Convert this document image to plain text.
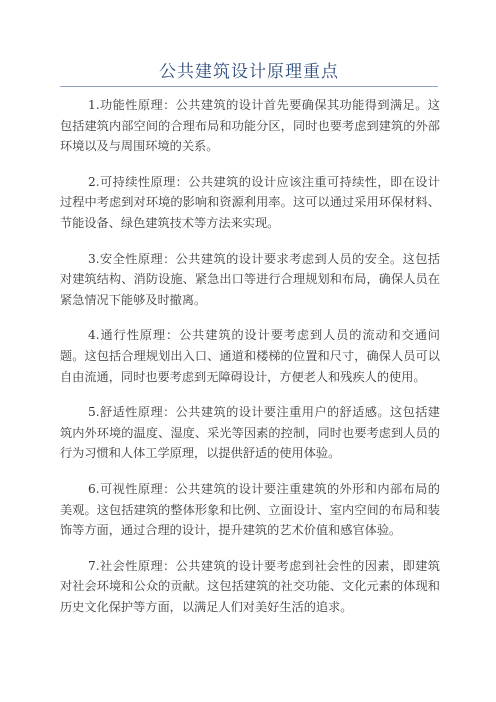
公共建筑设计原理重点

1.功能性原理：公共建筑的设计首先要确保其功能得到满足。这包括建筑内部空间的合理布局和功能分区，同时也要考虑到建筑的外部环境以及与周围环境的关系。

2.可持续性原理：公共建筑的设计应该注重可持续性，即在设计过程中考虑到对环境的影响和资源利用率。这可以通过采用环保材料、节能设备、绿色建筑技术等方法来实现。

3.安全性原理：公共建筑的设计要求考虑到人员的安全。这包括对建筑结构、消防设施、紧急出口等进行合理规划和布局，确保人员在紧急情况下能够及时撤离。

4.通行性原理：公共建筑的设计要考虑到人员的流动和交通问题。这包括合理规划出入口、通道和楼梯的位置和尺寸，确保人员可以自由流通，同时也要考虑到无障碍设计，方便老人和残疾人的使用。

5.舒适性原理：公共建筑的设计要注重用户的舒适感。这包括建筑内外环境的温度、湿度、采光等因素的控制，同时也要考虑到人员的行为习惯和人体工学原理，以提供舒适的使用体验。

6.可视性原理：公共建筑的设计要注重建筑的外形和内部布局的美观。这包括建筑的整体形象和比例、立面设计、室内空间的布局和装饰等方面，通过合理的设计，提升建筑的艺术价值和感官体验。

7.社会性原理：公共建筑的设计要考虑到社会性的因素，即建筑对社会环境和公众的贡献。这包括建筑的社交功能、文化元素的体现和历史文化保护等方面，以满足人们对美好生活的追求。
